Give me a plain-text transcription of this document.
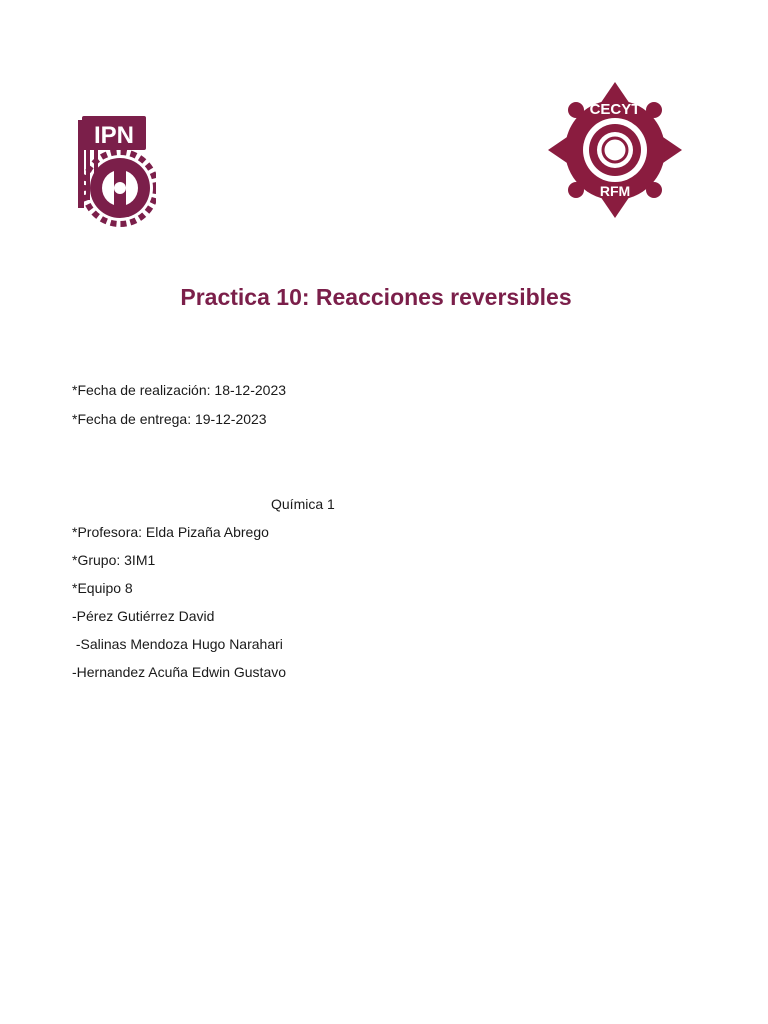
IPN
CECYT
RFM
Practica 10: Reacciones reversibles
*Fecha de realización: 18-12-2023
*Fecha de entrega: 19-12-2023
Química 1
*Profesora: Elda Pizaña Abrego
*Grupo: 3IM1
*Equipo 8
-Pérez Gutiérrez David
-Salinas Mendoza Hugo Narahari
-Hernandez Acuña Edwin Gustavo
